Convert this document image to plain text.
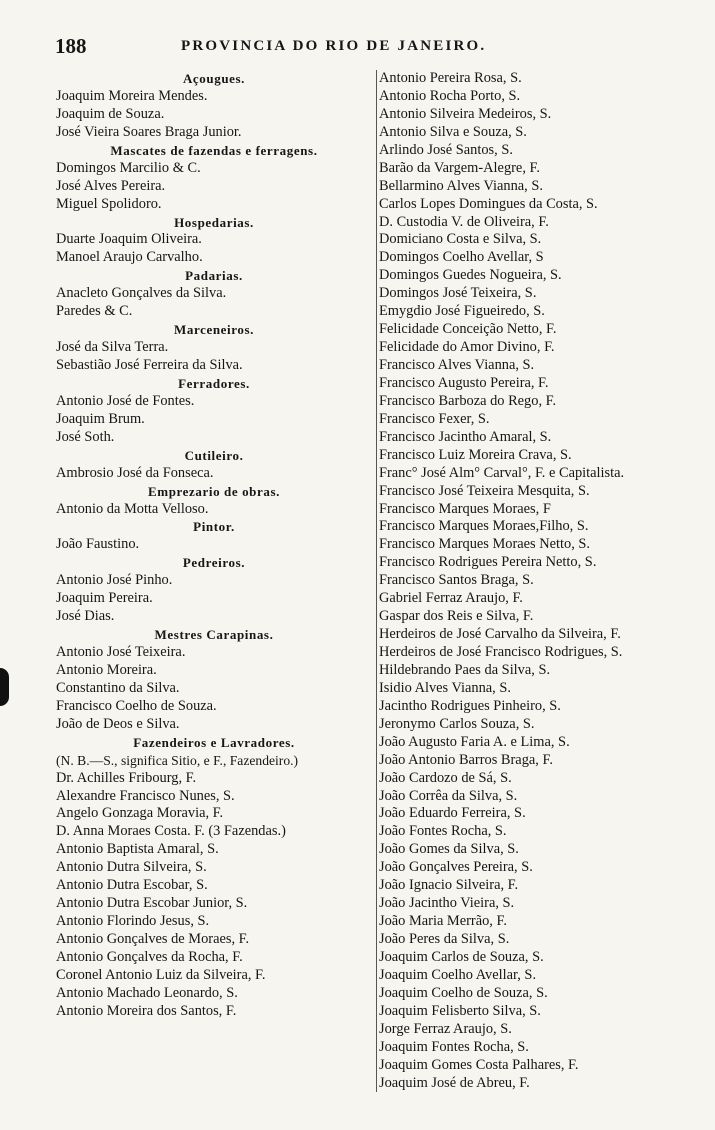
188	PROVINCIA DO RIO DE JANEIRO.
Açougues.
Joaquim Moreira Mendes.
Joaquim de Souza.
José Vieira Soares Braga Junior.
Mascates de fazendas e ferragens.
Domingos Marcilio & C.
José Alves Pereira.
Miguel Spolidoro.
Hospedarias.
Duarte Joaquim Oliveira.
Manoel Araujo Carvalho.
Padarias.
Anacleto Gonçalves da Silva.
Paredes & C.
Marceneiros.
José da Silva Terra.
Sebastião José Ferreira da Silva.
Ferradores.
Antonio José de Fontes.
Joaquim Brum.
José Soth.
Cutileiro.
Ambrosio José da Fonseca.
Emprezario de obras.
Antonio da Motta Velloso.
Pintor.
João Faustino.
Pedreiros.
Antonio José Pinho.
Joaquim Pereira.
José Dias.
Mestres Carapinas.
Antonio José Teixeira.
Antonio Moreira.
Constantino da Silva.
Francisco Coelho de Souza.
João de Deos e Silva.
Fazendeiros e Lavradores.
(N. B.—S., significa Sitio, e F., Fazendeiro.)
Dr. Achilles Fribourg, F.
Alexandre Francisco Nunes, S.
Angelo Gonzaga Moravia, F.
D. Anna Moraes Costa. F. (3 Fazendas.)
Antonio Baptista Amaral, S.
Antonio Dutra Silveira, S.
Antonio Dutra Escobar, S.
Antonio Dutra Escobar Junior, S.
Antonio Florindo Jesus, S.
Antonio Gonçalves de Moraes, F.
Antonio Gonçalves da Rocha, F.
Coronel Antonio Luiz da Silveira, F.
Antonio Machado Leonardo, S.
Antonio Moreira dos Santos, F.
Antonio Pereira Rosa, S.
Antonio Rocha Porto, S.
Antonio Silveira Medeiros, S.
Antonio Silva e Souza, S.
Arlindo José Santos, S.
Barão da Vargem-Alegre, F.
Bellarmino Alves Vianna, S.
Carlos Lopes Domingues da Costa, S.
D. Custodia V. de Oliveira, F.
Domiciano Costa e Silva, S.
Domingos Coelho Avellar, S
Domingos Guedes Nogueira, S.
Domingos José Teixeira, S.
Emygdio José Figueiredo, S.
Felicidade Conceição Netto, F.
Felicidade do Amor Divino, F.
Francisco Alves Vianna, S.
Francisco Augusto Pereira, F.
Francisco Barboza do Rego, F.
Francisco Fexer, S.
Francisco Jacintho Amaral, S.
Francisco Luiz Moreira Crava, S.
Franc° José Alm° Carval°, F. e Capitalista.
Francisco José Teixeira Mesquita, S.
Francisco Marques Moraes, F
Francisco Marques Moraes,Filho, S.
Francisco Marques Moraes Netto, S.
Francisco Rodrigues Pereira Netto, S.
Francisco Santos Braga, S.
Gabriel Ferraz Araujo, F.
Gaspar dos Reis e Silva, F.
Herdeiros de José Carvalho da Silveira, F.
Herdeiros de José Francisco Rodrigues, S.
Hildebrando Paes da Silva, S.
Isidio Alves Vianna, S.
Jacintho Rodrigues Pinheiro, S.
Jeronymo Carlos Souza, S.
João Augusto Faria A. e Lima, S.
João Antonio Barros Braga, F.
João Cardozo de Sá, S.
João Corrêa da Silva, S.
João Eduardo Ferreira, S.
João Fontes Rocha, S.
João Gomes da Silva, S.
João Gonçalves Pereira, S.
João Ignacio Silveira, F.
João Jacintho Vieira, S.
João Maria Merrão, F.
João Peres da Silva, S.
Joaquim Carlos de Souza, S.
Joaquim Coelho Avellar, S.
Joaquim Coelho de Souza, S.
Joaquim Felisberto Silva, S.
Jorge Ferraz Araujo, S.
Joaquim Fontes Rocha, S.
Joaquim Gomes Costa Palhares, F.
Joaquim José de Abreu, F.
